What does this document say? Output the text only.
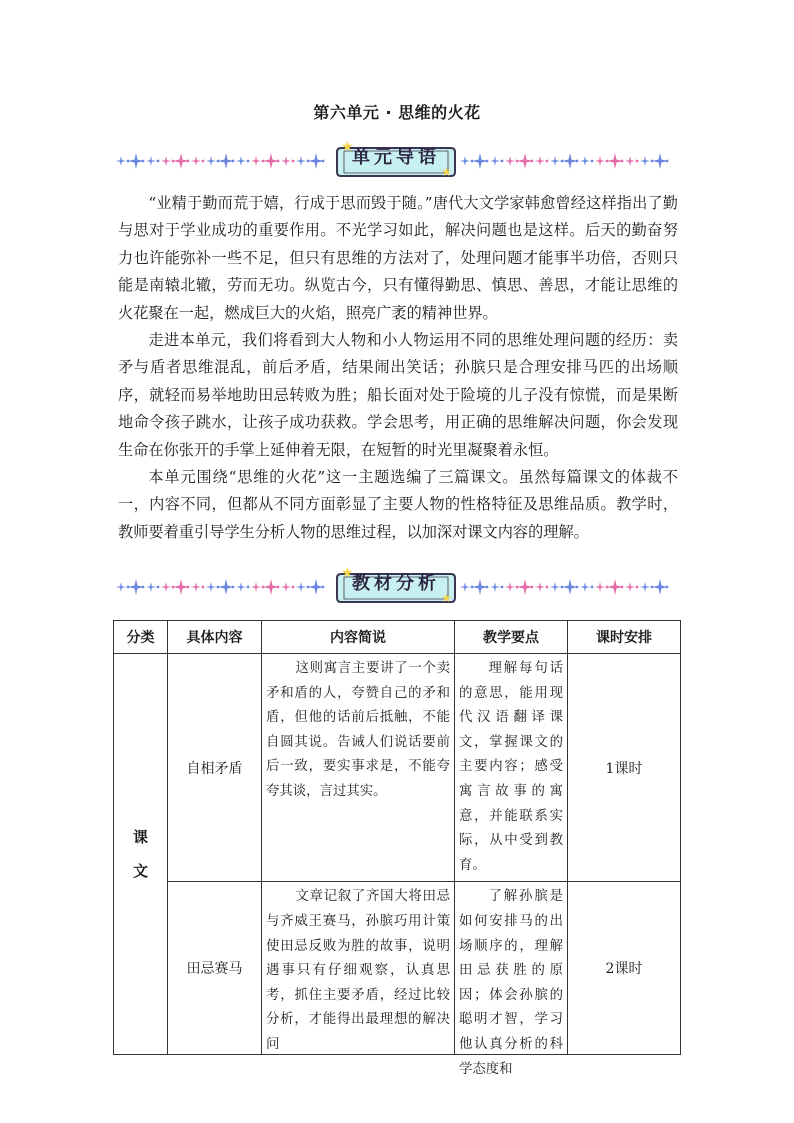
第六单元 · 思维的火花
★
★
单元导语

“业精于勤而荒于嬉，行成于思而毁于随。”唐代大文学家韩愈曾经这样指出了勤与思对于学业成功的重要作用。不光学习如此，解决问题也是这样。后天的勤奋努力也许能弥补一些不足，但只有思维的方法对了，处理问题才能事半功倍，否则只能是南辕北辙，劳而无功。纵览古今，只有懂得勤思、慎思、善思，才能让思维的火花聚在一起，燃成巨大的火焰，照亮广袤的精神世界。

走进本单元，我们将看到大人物和小人物运用不同的思维处理问题的经历：卖矛与盾者思维混乱，前后矛盾，结果闹出笑话；孙膑只是合理安排马匹的出场顺序，就轻而易举地助田忌转败为胜；船长面对处于险境的儿子没有惊慌，而是果断地命令孩子跳水，让孩子成功获救。学会思考，用正确的思维解决问题，你会发现生命在你张开的手掌上延伸着无限，在短暂的时光里凝聚着永恒。

本单元围绕“思维的火花”这一主题选编了三篇课文。虽然每篇课文的体裁不一，内容不同，但都从不同方面彰显了主要人物的性格特征及思维品质。教学时，教师要着重引导学生分析人物的思维过程，以加深对课文内容的理解。

★
★
教材分析
分类	具体内容	内容简说	教学要点	课时安排
课文	自相矛盾	这则寓言主要讲了一个卖矛和盾的人，夸赞自己的矛和盾，但他的话前后抵触，不能自圆其说。告诫人们说话要前后一致，要实事求是，不能夸夸其谈，言过其实。	理解每句话的意思，能用现代汉语翻译课文，掌握课文的主要内容；感受寓言故事的寓意，并能联系实际，从中受到教育。	1课时
	田忌赛马	文章记叙了齐国大将田忌与齐威王赛马，孙膑巧用计策使田忌反败为胜的故事，说明遇事只有仔细观察，认真思考，抓住主要矛盾，经过比较分析，才能得出最理想的解决问	了解孙膑是如何安排马的出场顺序的，理解田忌获胜的原因；体会孙膑的聪明才智，学习他认真分析的科学态度和	2课时
